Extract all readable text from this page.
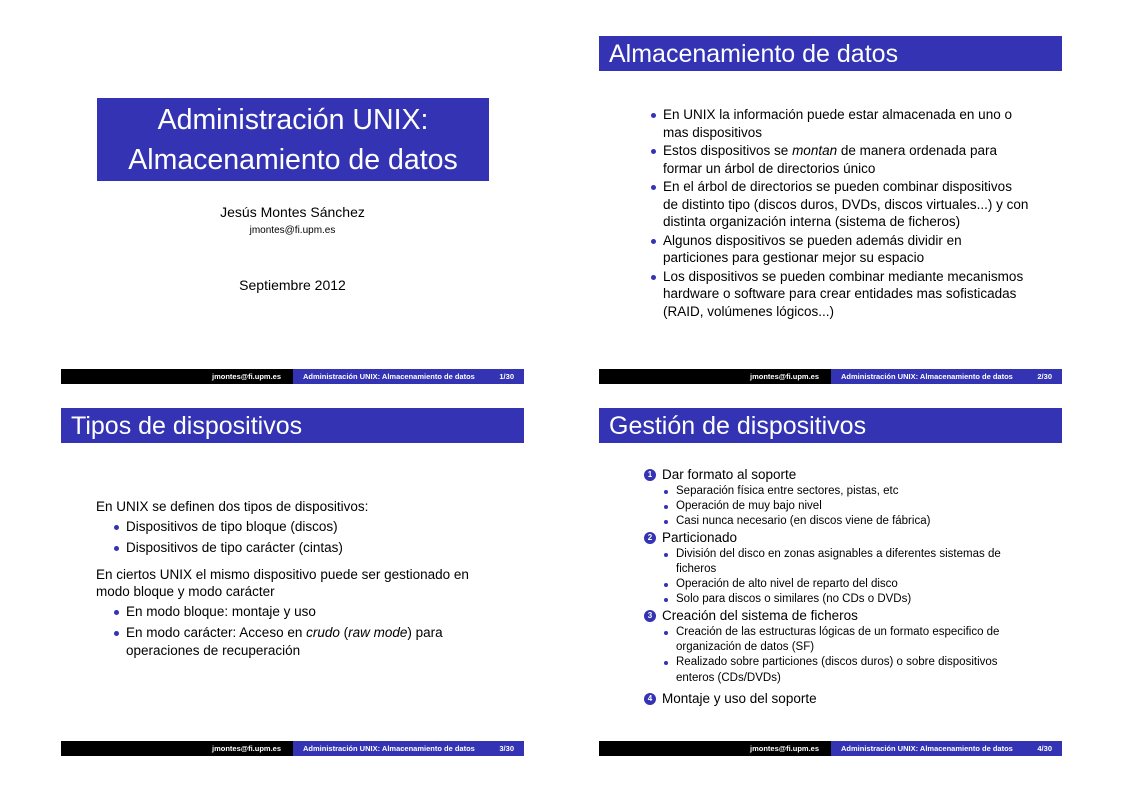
Administración UNIX:
Almacenamiento de datos
Jesús Montes Sánchez
jmontes@fi.upm.es
Septiembre 2012
jmontes@fi.upm.es	Administración UNIX: Almacenamiento de datos	1/30
Almacenamiento de datos
En UNIX la información puede estar almacenada en uno o mas dispositivos
Estos dispositivos se montan de manera ordenada para formar un árbol de directorios único
En el árbol de directorios se pueden combinar dispositivos de distinto tipo (discos duros, DVDs, discos virtuales...) y con distinta organización interna (sistema de ficheros)
Algunos dispositivos se pueden además dividir en particiones para gestionar mejor su espacio
Los dispositivos se pueden combinar mediante mecanismos hardware o software para crear entidades mas sofisticadas (RAID, volúmenes lógicos...)
jmontes@fi.upm.es	Administración UNIX: Almacenamiento de datos	2/30
Tipos de dispositivos

En UNIX se definen dos tipos de dispositivos:

Dispositivos de tipo bloque (discos)
Dispositivos de tipo carácter (cintas)

En ciertos UNIX el mismo dispositivo puede ser gestionado en modo bloque y modo carácter

En modo bloque: montaje y uso
En modo carácter: Acceso en crudo (raw mode) para operaciones de recuperación
jmontes@fi.upm.es	Administración UNIX: Almacenamiento de datos	3/30
Gestión de dispositivos
1 Dar formato al soporte
Separación física entre sectores, pistas, etc
Operación de muy bajo nivel
Casi nunca necesario (en discos viene de fábrica)
2 Particionado
División del disco en zonas asignables a diferentes sistemas de ficheros
Operación de alto nivel de reparto del disco
Solo para discos o similares (no CDs o DVDs)
3 Creación del sistema de ficheros
Creación de las estructuras lógicas de un formato especifico de organización de datos (SF)
Realizado sobre particiones (discos duros) o sobre dispositivos enteros (CDs/DVDs)
4 Montaje y uso del soporte
jmontes@fi.upm.es	Administración UNIX: Almacenamiento de datos	4/30
